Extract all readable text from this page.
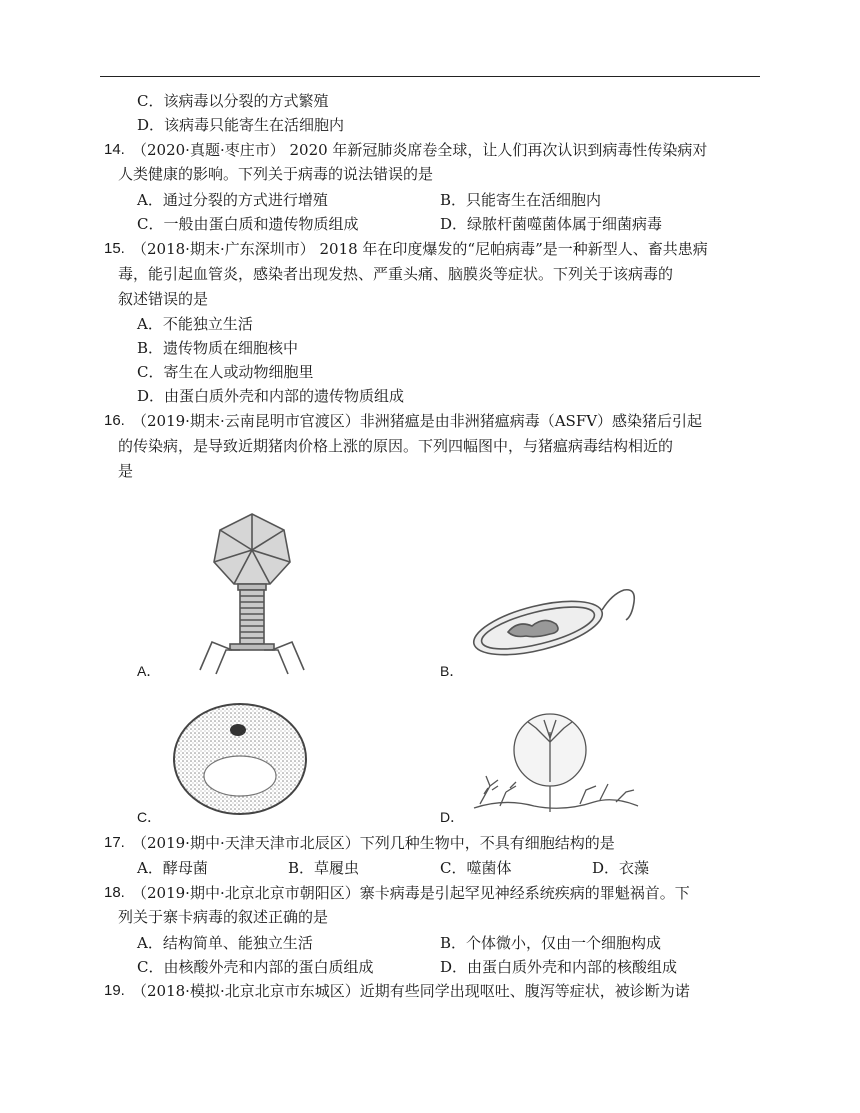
C．该病毒以分裂的方式繁殖
D．该病毒只能寄生在活细胞内
14. （2020·真题·枣庄市） 2020 年新冠肺炎席卷全球，让人们再次认识到病毒性传染病对
人类健康的影响。下列关于病毒的说法错误的是
A．通过分裂的方式进行增殖	B．只能寄生在活细胞内
C．一般由蛋白质和遗传物质组成	D．绿脓杆菌噬菌体属于细菌病毒
15. （2018·期末·广东深圳市） 2018 年在印度爆发的“尼帕病毒”是一种新型人、畜共患病
毒，能引起血管炎，感染者出现发热、严重头痛、脑膜炎等症状。下列关于该病毒的
叙述错误的是
A．不能独立生活
B．遗传物质在细胞核中
C．寄生在人或动物细胞里
D．由蛋白质外壳和内部的遗传物质组成
16. （2019·期末·云南昆明市官渡区）非洲猪瘟是由非洲猪瘟病毒（ASFV）感染猪后引起
的传染病，是导致近期猪肉价格上涨的原因。下列四幅图中，与猪瘟病毒结构相近的
是
A．	B．
C．	D．
17. （2019·期中·天津天津市北辰区）下列几种生物中，不具有细胞结构的是
A．酵母菌	B．草履虫	C．噬菌体	D．衣藻
18. （2019·期中·北京北京市朝阳区）寨卡病毒是引起罕见神经系统疾病的罪魁祸首。下
列关于寨卡病毒的叙述正确的是
A．结构简单、能独立生活	B．个体微小，仅由一个细胞构成
C．由核酸外壳和内部的蛋白质组成	D．由蛋白质外壳和内部的核酸组成
19. （2018·模拟·北京北京市东城区）近期有些同学出现呕吐、腹泻等症状，被诊断为诺
